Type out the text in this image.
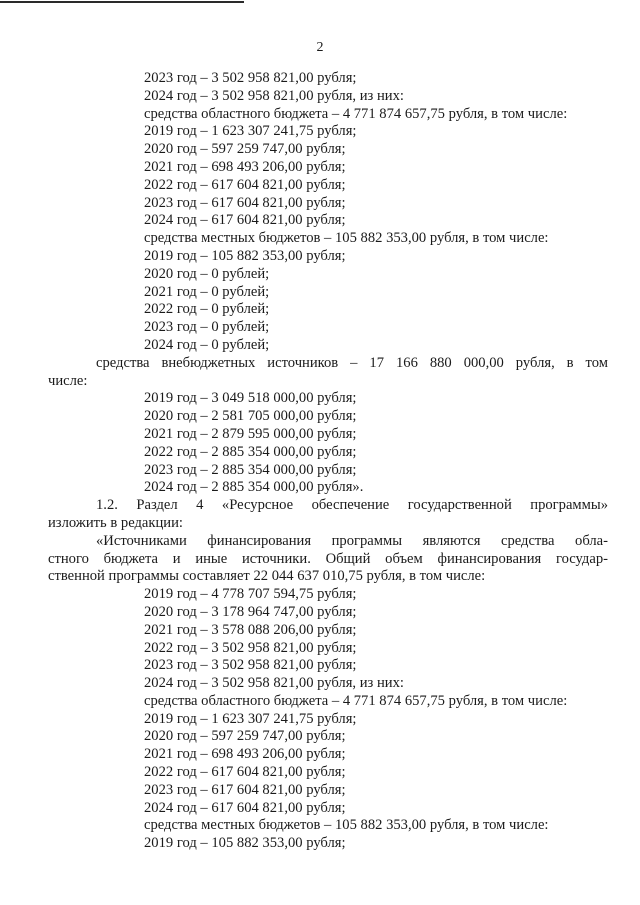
2
2023 год – 3 502 958 821,00 рубля;
2024 год – 3 502 958 821,00 рубля, из них:
средства областного бюджета – 4 771 874 657,75 рубля, в том числе:
2019 год – 1 623 307 241,75 рубля;
2020 год – 597 259 747,00 рубля;
2021 год – 698 493 206,00 рубля;
2022 год – 617 604 821,00 рубля;
2023 год – 617 604 821,00 рубля;
2024 год – 617 604 821,00 рубля;
средства местных бюджетов – 105 882 353,00 рубля, в том числе:
2019 год – 105 882 353,00 рубля;
2020 год – 0 рублей;
2021 год – 0 рублей;
2022 год – 0 рублей;
2023 год – 0 рублей;
2024 год – 0 рублей;
средства внебюджетных источников – 17 166 880 000,00 рубля, в том
числе:
2019 год – 3 049 518 000,00 рубля;
2020 год – 2 581 705 000,00 рубля;
2021 год – 2 879 595 000,00 рубля;
2022 год – 2 885 354 000,00 рубля;
2023 год – 2 885 354 000,00 рубля;
2024 год – 2 885 354 000,00 рубля».
1.2. Раздел 4 «Ресурсное обеспечение государственной программы»
изложить в редакции:
«Источниками финансирования программы являются средства обла-
стного бюджета и иные источники. Общий объем финансирования государ-
ственной программы составляет 22 044 637 010,75 рубля, в том числе:
2019 год – 4 778 707 594,75 рубля;
2020 год – 3 178 964 747,00 рубля;
2021 год – 3 578 088 206,00 рубля;
2022 год – 3 502 958 821,00 рубля;
2023 год – 3 502 958 821,00 рубля;
2024 год – 3 502 958 821,00 рубля, из них:
средства областного бюджета – 4 771 874 657,75 рубля, в том числе:
2019 год – 1 623 307 241,75 рубля;
2020 год – 597 259 747,00 рубля;
2021 год – 698 493 206,00 рубля;
2022 год – 617 604 821,00 рубля;
2023 год – 617 604 821,00 рубля;
2024 год – 617 604 821,00 рубля;
средства местных бюджетов – 105 882 353,00 рубля, в том числе:
2019 год – 105 882 353,00 рубля;
